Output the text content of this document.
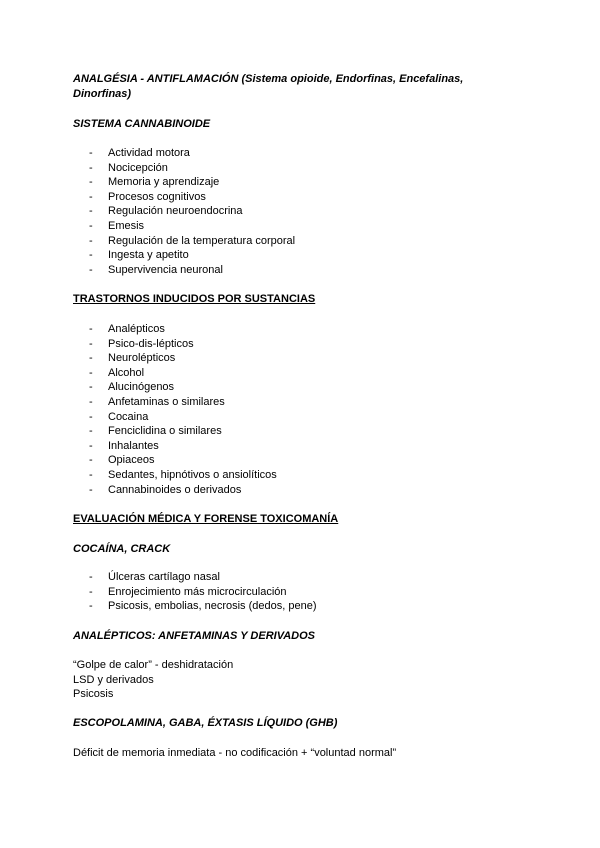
ANALGÉSIA - ANTIFLAMACIÓN (Sistema opioide, Endorfinas, Encefalinas,
Dinorfinas)
SISTEMA CANNABINOIDE
- Actividad motora
- Nocicepción
- Memoria y aprendizaje
- Procesos cognitivos
- Regulación neuroendocrina
- Emesis
- Regulación de la temperatura corporal
- Ingesta y apetito
- Supervivencia neuronal
TRASTORNOS INDUCIDOS POR SUSTANCIAS
- Analépticos
- Psico-dis-lépticos
- Neurolépticos
- Alcohol
- Alucinógenos
- Anfetaminas o similares
- Cocaina
- Fenciclidina o similares
- Inhalantes
- Opiaceos
- Sedantes, hipnótivos o ansiolíticos
- Cannabinoides o derivados
EVALUACIÓN MÉDICA Y FORENSE TOXICOMANÍA
COCAÍNA, CRACK
- Úlceras cartílago nasal
- Enrojecimiento más microcirculación
- Psicosis, embolias, necrosis (dedos, pene)
ANALÉPTICOS: ANFETAMINAS Y DERIVADOS
“Golpe de calor” - deshidratación
LSD y derivados
Psicosis
ESCOPOLAMINA, GABA, ÉXTASIS LÍQUIDO (GHB)
Déficit de memoria inmediata - no codificación + “voluntad normal”
